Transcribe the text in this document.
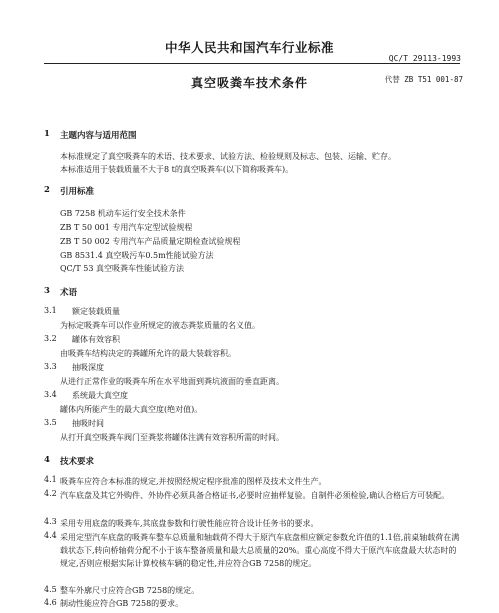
中华人民共和国汽车行业标准
QC/T 29113-1993
真空吸粪车技术条件	代替 ZB T51 001-87
1 主题内容与适用范围
本标准规定了真空吸粪车的术语、技术要求、试验方法、检验规则及标志、包装、运输、贮存。
本标准适用于装载质量不大于8 t的真空吸粪车(以下简称吸粪车)。
2 引用标准
GB 7258 机动车运行安全技术条件
ZB T 50 001 专用汽车定型试验规程
ZB T 50 002 专用汽车产品质量定期检查试验规程
GB 8531.4 真空吸污车0.5m性能试验方法
QC/T 53 真空吸粪车性能试验方法
3 术语
3.1 额定装载质量
为标定吸粪车可以作业所规定的液态粪浆质量的名义值。
3.2 罐体有效容积
由吸粪车结构决定的粪罐所允许的最大装载容积。
3.3 抽吸深度
从进行正常作业的吸粪车所在水平地面到粪坑液面的垂直距离。
3.4 系统最大真空度
罐体内所能产生的最大真空度(绝对值)。
3.5 抽吸时间
从打开真空吸粪车阀门至粪浆将罐体注满有效容积所需的时间。
4 技术要求
4.1 吸粪车应符合本标准的规定,并按照经规定程序批准的图样及技术文件生产。
4.2 汽车底盘及其它外购件、外协件必须具备合格证书,必要时应抽样复验。自制件必须检验,确认合格后方可装配。
4.3 采用专用底盘的吸粪车,其底盘参数和行驶性能应符合设计任务书的要求。
4.4 采用定型汽车底盘的吸粪车整车总质量和轴载荷不得大于原汽车底盘相应额定参数允许值的1.1倍,前桌轴载荷在满载状态下,转向桥轴荷分配不小于该车整备质量和最大总质量的20%。重心高度不得大于原汽车底盘最大状态时的规定,否则应根据实际计算校核车辆的稳定性,并应符合GB 7258的规定。
4.5 整车外廓尺寸应符合GB 7258的规定。
4.6 制动性能应符合GB 7258的要求。
